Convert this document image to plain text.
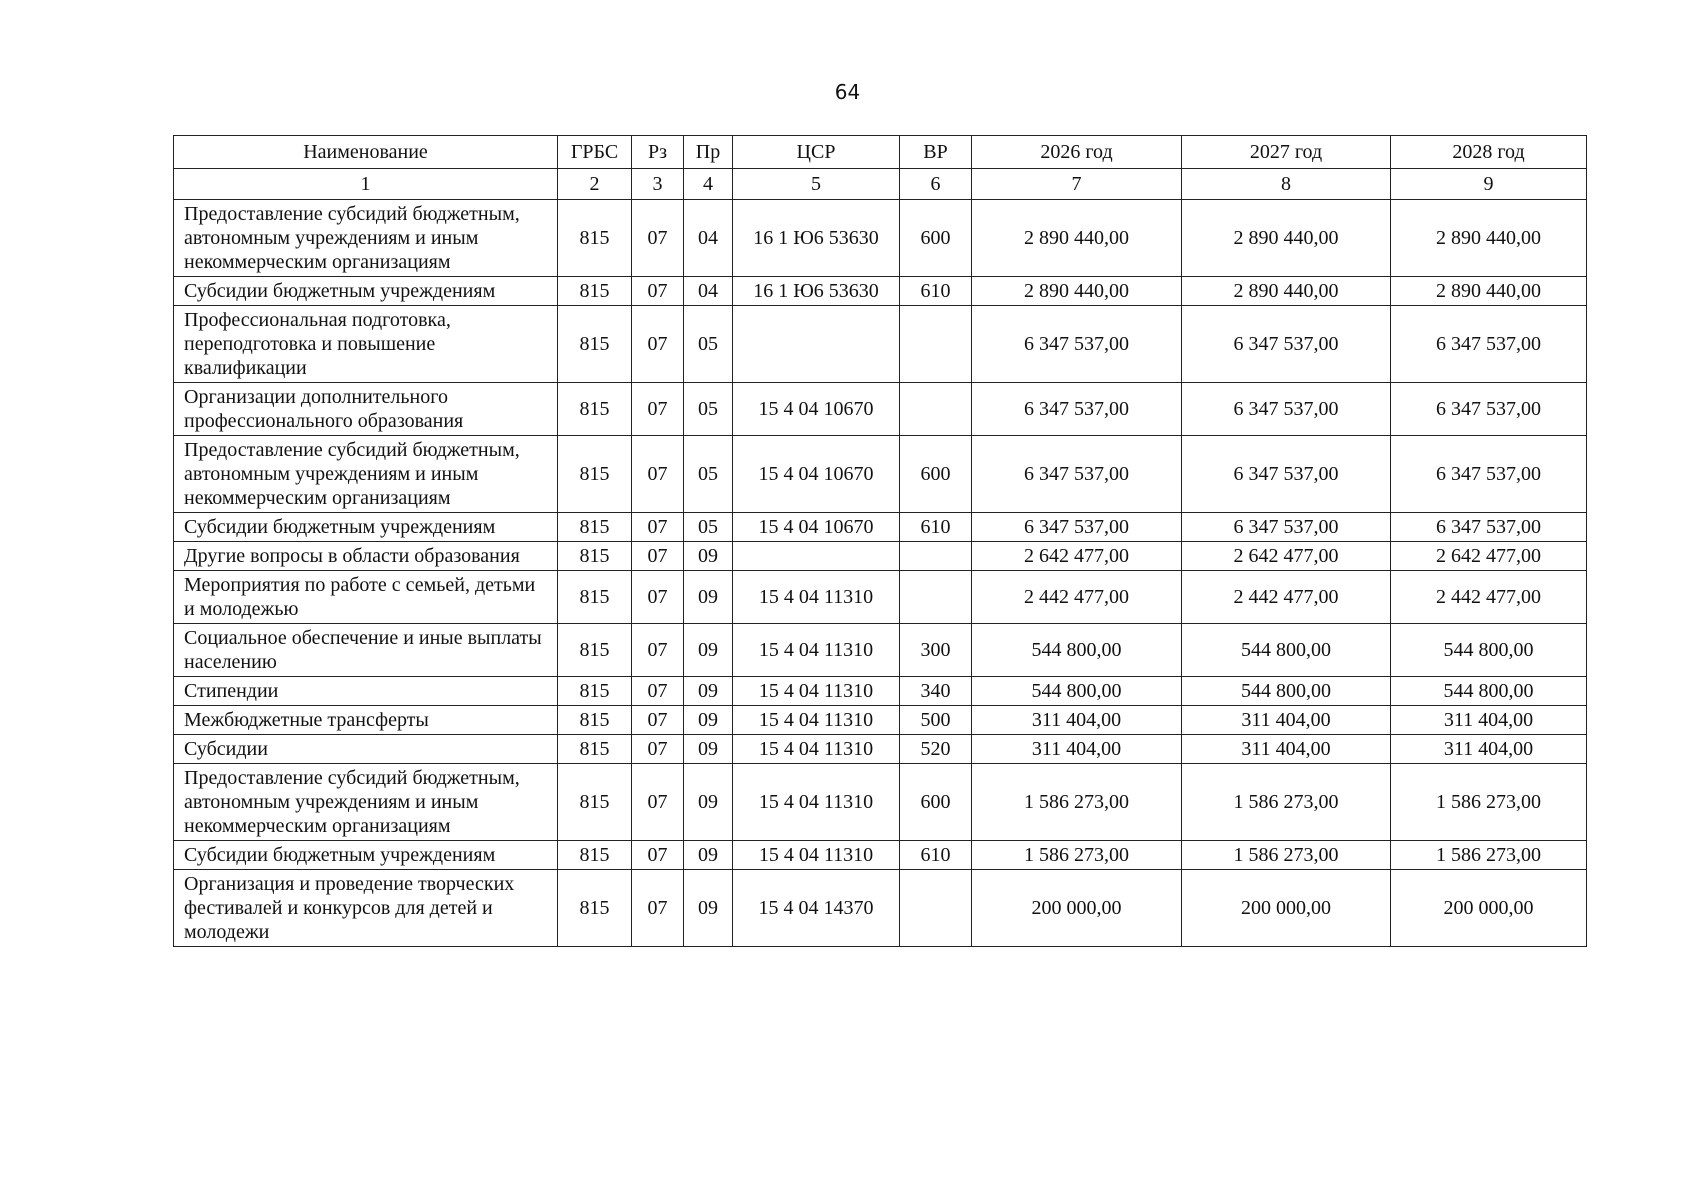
64
Наименование	ГРБС	Рз	Пр	ЦСР	ВР	2026 год	2027 год	2028 год
1	2	3	4	5	6	7	8	9
Предоставление субсидий бюджетным, автономным учреждениям и иным некоммерческим организациям	815	07	04	16 1 Ю6 53630	600	2 890 440,00	2 890 440,00	2 890 440,00
Субсидии бюджетным учреждениям	815	07	04	16 1 Ю6 53630	610	2 890 440,00	2 890 440,00	2 890 440,00
Профессиональная подготовка, переподготовка и повышение квалификации	815	07	05			6 347 537,00	6 347 537,00	6 347 537,00
Организации дополнительного профессионального образования	815	07	05	15 4 04 10670		6 347 537,00	6 347 537,00	6 347 537,00
Предоставление субсидий бюджетным, автономным учреждениям и иным некоммерческим организациям	815	07	05	15 4 04 10670	600	6 347 537,00	6 347 537,00	6 347 537,00
Субсидии бюджетным учреждениям	815	07	05	15 4 04 10670	610	6 347 537,00	6 347 537,00	6 347 537,00
Другие вопросы в области образования	815	07	09			2 642 477,00	2 642 477,00	2 642 477,00
Мероприятия по работе с семьей, детьми и молодежью	815	07	09	15 4 04 11310		2 442 477,00	2 442 477,00	2 442 477,00
Социальное обеспечение и иные выплаты населению	815	07	09	15 4 04 11310	300	544 800,00	544 800,00	544 800,00
Стипендии	815	07	09	15 4 04 11310	340	544 800,00	544 800,00	544 800,00
Межбюджетные трансферты	815	07	09	15 4 04 11310	500	311 404,00	311 404,00	311 404,00
Субсидии	815	07	09	15 4 04 11310	520	311 404,00	311 404,00	311 404,00
Предоставление субсидий бюджетным, автономным учреждениям и иным некоммерческим организациям	815	07	09	15 4 04 11310	600	1 586 273,00	1 586 273,00	1 586 273,00
Субсидии бюджетным учреждениям	815	07	09	15 4 04 11310	610	1 586 273,00	1 586 273,00	1 586 273,00
Организация и проведение творческих фестивалей и конкурсов для детей и молодежи	815	07	09	15 4 04 14370		200 000,00	200 000,00	200 000,00
